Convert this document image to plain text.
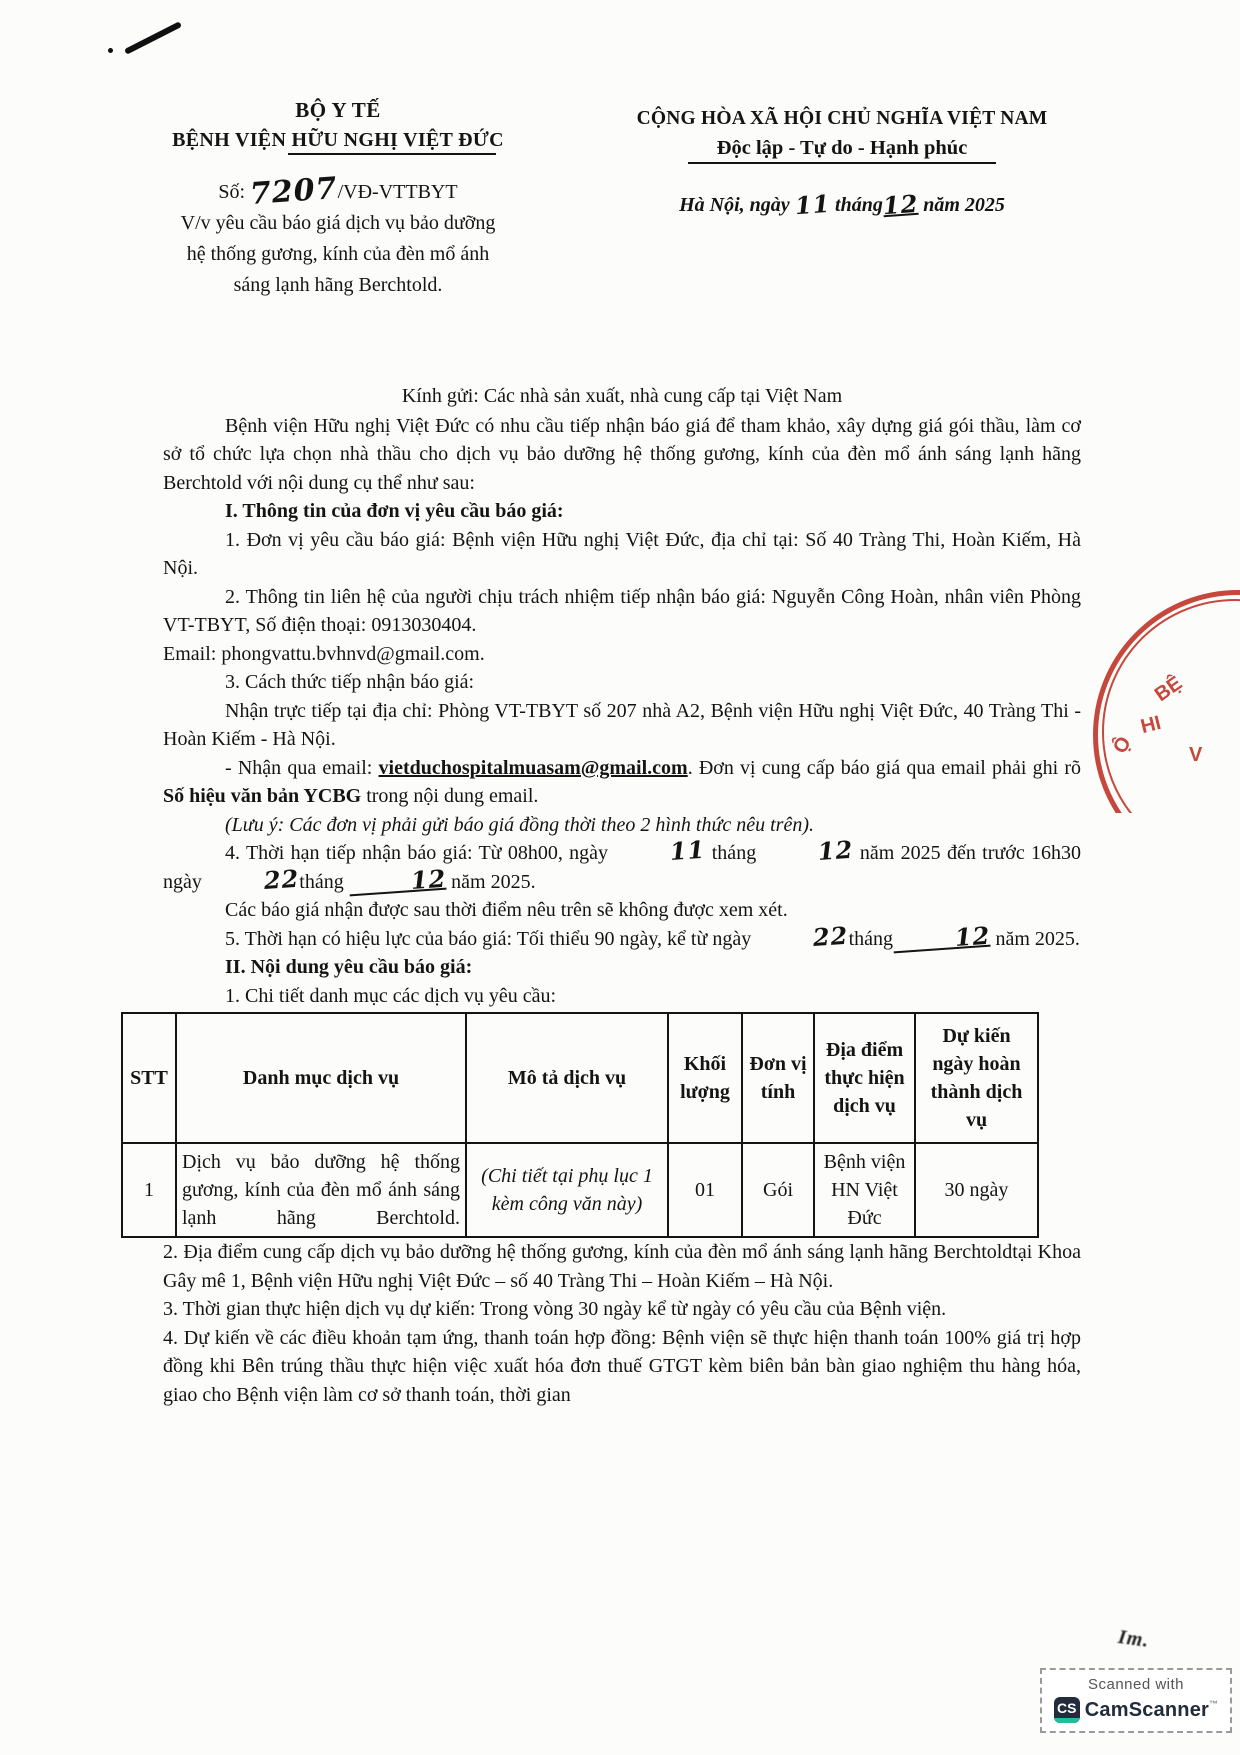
BỘ Y TẾ
BỆNH VIỆN HỮU NGHỊ VIỆT ĐỨC
Số: 7207/VĐ-VTTBYT
V/v yêu cầu báo giá dịch vụ bảo dưỡng hệ thống gương, kính của đèn mổ ánh sáng lạnh hãng Berchtold.
CỘNG HÒA XÃ HỘI CHỦ NGHĨA VIỆT NAM
Độc lập - Tự do - Hạnh phúc
Hà Nội, ngày 11 tháng12 năm 2025

Kính gửi: Các nhà sản xuất, nhà cung cấp tại Việt Nam

Bệnh viện Hữu nghị Việt Đức có nhu cầu tiếp nhận báo giá để tham khảo, xây dựng giá gói thầu, làm cơ sở tổ chức lựa chọn nhà thầu cho dịch vụ bảo dưỡng hệ thống gương, kính của đèn mổ ánh sáng lạnh hãng Berchtold với nội dung cụ thể như sau:

I. Thông tin của đơn vị yêu cầu báo giá:

1. Đơn vị yêu cầu báo giá: Bệnh viện Hữu nghị Việt Đức, địa chỉ tại: Số 40 Tràng Thi, Hoàn Kiếm, Hà Nội.

2. Thông tin liên hệ của người chịu trách nhiệm tiếp nhận báo giá: Nguyễn Công Hoàn, nhân viên Phòng VT-TBYT, Số điện thoại: 0913030404.

Email: phongvattu.bvhnvd@gmail.com.

3. Cách thức tiếp nhận báo giá:

Nhận trực tiếp tại địa chỉ: Phòng VT-TBYT số 207 nhà A2, Bệnh viện Hữu nghị Việt Đức, 40 Tràng Thi - Hoàn Kiếm - Hà Nội.

- Nhận qua email: vietduchospitalmuasam@gmail.com. Đơn vị cung cấp báo giá qua email phải ghi rõ Số hiệu văn bản YCBG trong nội dung email.

(Lưu ý: Các đơn vị phải gửi báo giá đồng thời theo 2 hình thức nêu trên).

4. Thời hạn tiếp nhận báo giá: Từ 08h00, ngày	11 tháng	12 năm 2025 đến trước 16h30 ngày	22tháng	12 năm 2025.

Các báo giá nhận được sau thời điểm nêu trên sẽ không được xem xét.

5. Thời hạn có hiệu lực của báo giá: Tối thiểu 90 ngày, kể từ ngày	22tháng	12 năm 2025.

II. Nội dung yêu cầu báo giá:

1. Chi tiết danh mục các dịch vụ yêu cầu:

STT	Danh mục dịch vụ	Mô tả dịch vụ	Khối lượng	Đơn vị tính	Địa điểm thực hiện dịch vụ	Dự kiến ngày hoàn thành dịch vụ
1	Dịch vụ bảo dưỡng hệ thống gương, kính của đèn mổ ánh sáng lạnh hãng Berchtold.	(Chi tiết tại phụ lục 1 kèm công văn này)	01	Gói	Bệnh viện HN Việt Đức	30 ngày

2. Địa điểm cung cấp dịch vụ bảo dưỡng hệ thống gương, kính của đèn mổ ánh sáng lạnh hãng Berchtoldtại Khoa Gây mê 1, Bệnh viện Hữu nghị Việt Đức – số 40 Tràng Thi – Hoàn Kiếm – Hà Nội.

3. Thời gian thực hiện dịch vụ dự kiến: Trong vòng 30 ngày kể từ ngày có yêu cầu của Bệnh viện.

4. Dự kiến về các điều khoản tạm ứng, thanh toán hợp đồng: Bệnh viện sẽ thực hiện thanh toán 100% giá trị hợp đồng khi Bên trúng thầu thực hiện việc xuất hóa đơn thuế GTGT kèm biên bản bàn giao nghiệm thu hàng hóa, giao cho Bệnh viện làm cơ sở thanh toán, thời gian

BỆ
HI
Ộ	V
Im.
Scanned with
CS CamScanner™
